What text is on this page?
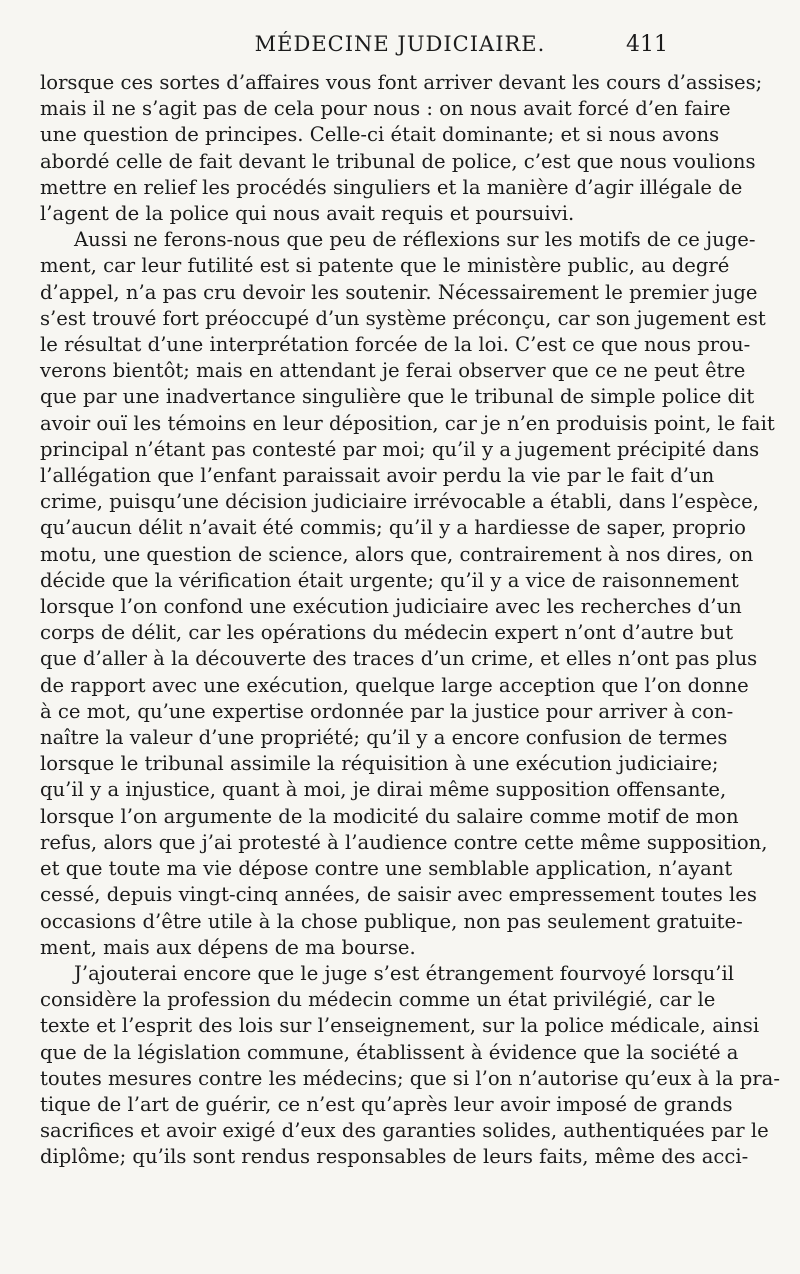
MÉDECINE JUDICIAIRE.	411
lorsque ces sortes d’affaires vous font arriver devant les cours d’assises;
mais il ne s’agit pas de cela pour nous : on nous avait forcé d’en faire
une question de principes. Celle-ci était dominante; et si nous avons
abordé celle de fait devant le tribunal de police, c’est que nous voulions
mettre en relief les procédés singuliers et la manière d’agir illégale de
l’agent de la police qui nous avait requis et poursuivi.
Aussi ne ferons-nous que peu de réflexions sur les motifs de ce juge-
ment, car leur futilité est si patente que le ministère public, au degré
d’appel, n’a pas cru devoir les soutenir. Nécessairement le premier juge
s’est trouvé fort préoccupé d’un système préconçu, car son jugement est
le résultat d’une interprétation forcée de la loi. C’est ce que nous prou-
verons bientôt; mais en attendant je ferai observer que ce ne peut être
que par une inadvertance singulière que le tribunal de simple police dit
avoir ouï les témoins en leur déposition, car je n’en produisis point, le fait
principal n’étant pas contesté par moi; qu’il y a jugement précipité dans
l’allégation que l’enfant paraissait avoir perdu la vie par le fait d’un
crime, puisqu’une décision judiciaire irrévocable a établi, dans l’espèce,
qu’aucun délit n’avait été commis; qu’il y a hardiesse de saper, proprio
motu, une question de science, alors que, contrairement à nos dires, on
décide que la vérification était urgente; qu’il y a vice de raisonnement
lorsque l’on confond une exécution judiciaire avec les recherches d’un
corps de délit, car les opérations du médecin expert n’ont d’autre but
que d’aller à la découverte des traces d’un crime, et elles n’ont pas plus
de rapport avec une exécution, quelque large acception que l’on donne
à ce mot, qu’une expertise ordonnée par la justice pour arriver à con-
naître la valeur d’une propriété; qu’il y a encore confusion de termes
lorsque le tribunal assimile la réquisition à une exécution judiciaire;
qu’il y a injustice, quant à moi, je dirai même supposition offensante,
lorsque l’on argumente de la modicité du salaire comme motif de mon
refus, alors que j’ai protesté à l’audience contre cette même supposition,
et que toute ma vie dépose contre une semblable application, n’ayant
cessé, depuis vingt-cinq années, de saisir avec empressement toutes les
occasions d’être utile à la chose publique, non pas seulement gratuite-
ment, mais aux dépens de ma bourse.
J’ajouterai encore que le juge s’est étrangement fourvoyé lorsqu’il
considère la profession du médecin comme un état privilégié, car le
texte et l’esprit des lois sur l’enseignement, sur la police médicale, ainsi
que de la législation commune, établissent à évidence que la société a
toutes mesures contre les médecins; que si l’on n’autorise qu’eux à la pra-
tique de l’art de guérir, ce n’est qu’après leur avoir imposé de grands
sacrifices et avoir exigé d’eux des garanties solides, authentiquées par le
diplôme; qu’ils sont rendus responsables de leurs faits, même des acci-
